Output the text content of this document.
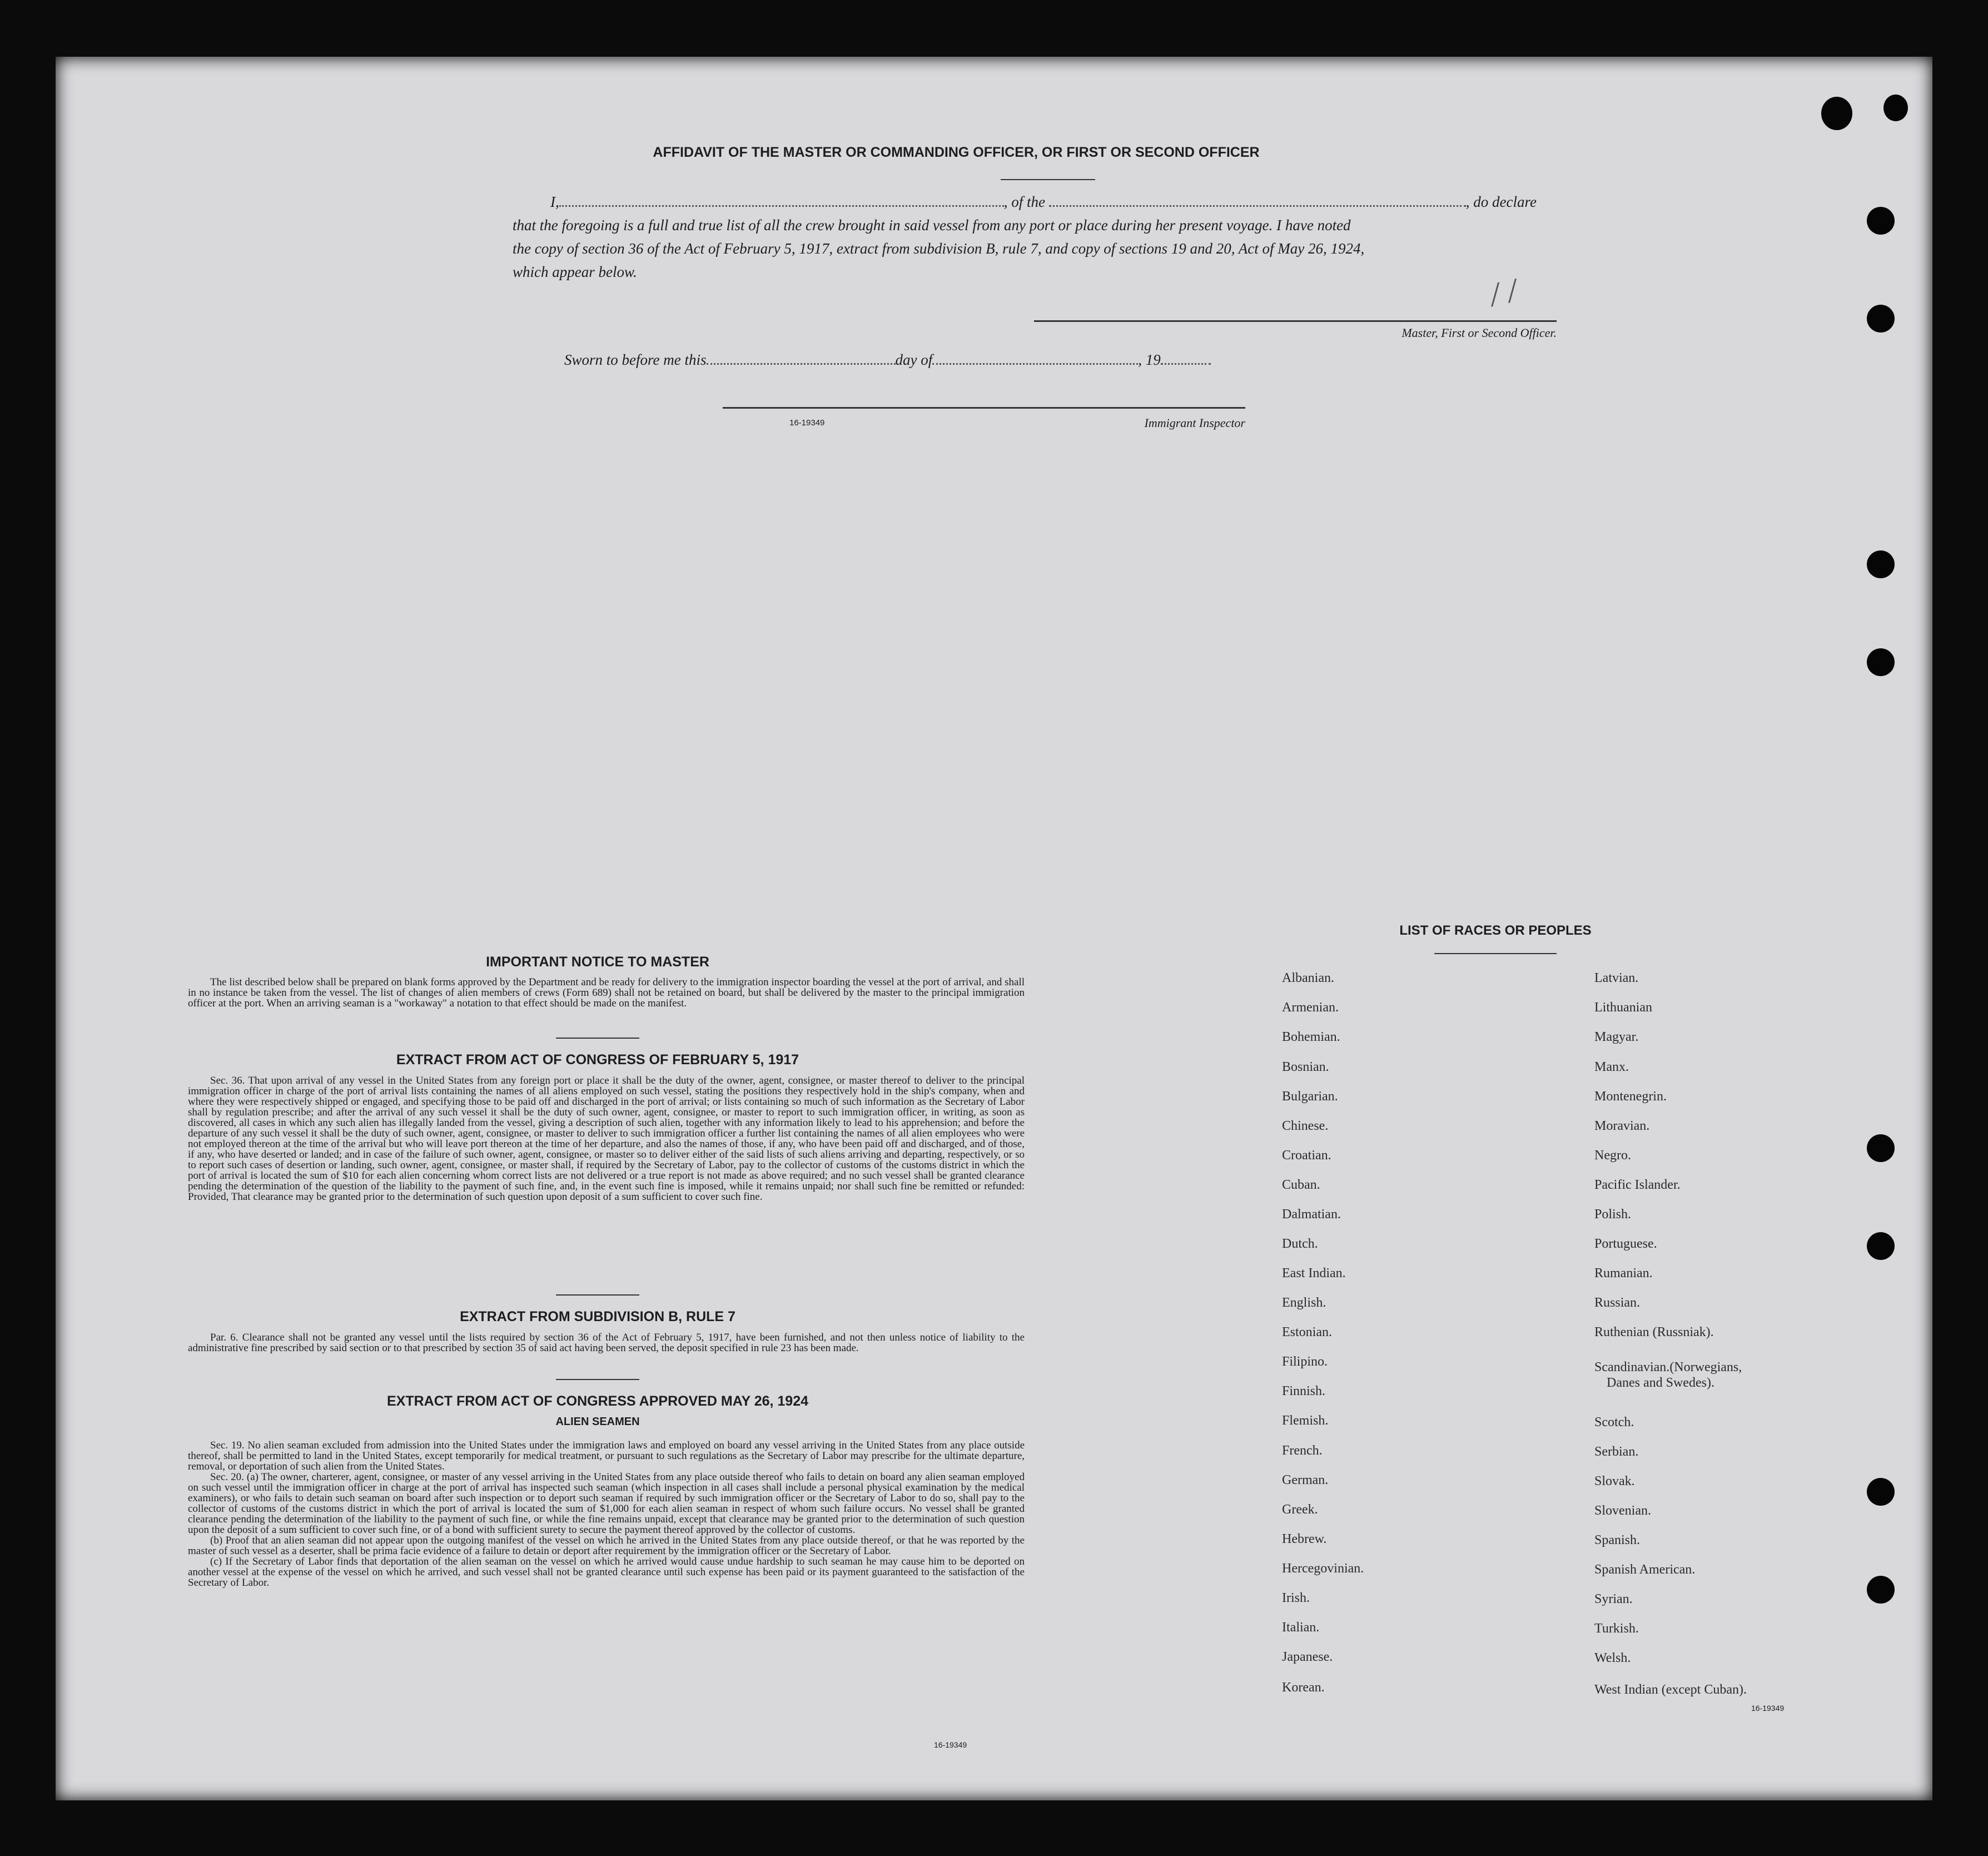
AFFIDAVIT OF THE MASTER OR COMMANDING OFFICER, OR FIRST OR SECOND OFFICER
I,	, of the	, do declare
that the foregoing is a full and true list of all the crew brought in said vessel from any port or place during her present voyage. I have noted
the copy of section 36 of the Act of February 5, 1917, extract from subdivision B, rule 7, and copy of sections 19 and 20, Act of May 26, 1924,
which appear below.	/ /
Master, First or Second Officer.
Sworn to before me this	day of	, 19
16-19349	Immigrant Inspector
IMPORTANT NOTICE TO MASTER
The list described below shall be prepared on blank forms approved by the Department and be ready for delivery to the immigration inspector boarding the vessel at the port of arrival, and shall in no instance be taken from the vessel. The list of changes of alien members of crews (Form 689) shall not be retained on board, but shall be delivered by the master to the principal immigration officer at the port. When an arriving seaman is a "workaway" a notation to that effect should be made on the manifest.
EXTRACT FROM ACT OF CONGRESS OF FEBRUARY 5, 1917
Sec. 36. That upon arrival of any vessel in the United States from any foreign port or place it shall be the duty of the owner, agent, consignee, or master thereof to deliver to the principal immigration officer in charge of the port of arrival lists containing the names of all aliens employed on such vessel, stating the positions they respectively hold in the ship's company, when and where they were respectively shipped or engaged, and specifying those to be paid off and discharged in the port of arrival; or lists containing so much of such information as the Secretary of Labor shall by regulation prescribe; and after the arrival of any such vessel it shall be the duty of such owner, agent, consignee, or master to report to such immigration officer, in writing, as soon as discovered, all cases in which any such alien has illegally landed from the vessel, giving a description of such alien, together with any information likely to lead to his apprehension; and before the departure of any such vessel it shall be the duty of such owner, agent, consignee, or master to deliver to such immigration officer a further list containing the names of all alien employees who were not employed thereon at the time of the arrival but who will leave port thereon at the time of her departure, and also the names of those, if any, who have been paid off and discharged, and of those, if any, who have deserted or landed; and in case of the failure of such owner, agent, consignee, or master so to deliver either of the said lists of such aliens arriving and departing, respectively, or so to report such cases of desertion or landing, such owner, agent, consignee, or master shall, if required by the Secretary of Labor, pay to the collector of customs of the customs district in which the port of arrival is located the sum of $10 for each alien concerning whom correct lists are not delivered or a true report is not made as above required; and no such vessel shall be granted clearance pending the determination of the question of the liability to the payment of such fine, and, in the event such fine is imposed, while it remains unpaid; nor shall such fine be remitted or refunded: Provided, That clearance may be granted prior to the determination of such question upon deposit of a sum sufficient to cover such fine.
EXTRACT FROM SUBDIVISION B, RULE 7
Par. 6. Clearance shall not be granted any vessel until the lists required by section 36 of the Act of February 5, 1917, have been furnished, and not then unless notice of liability to the administrative fine prescribed by said section or to that prescribed by section 35 of said act having been served, the deposit specified in rule 23 has been made.
EXTRACT FROM ACT OF CONGRESS APPROVED MAY 26, 1924
ALIEN SEAMEN
Sec. 19. No alien seaman excluded from admission into the United States under the immigration laws and employed on board any vessel arriving in the United States from any place outside thereof, shall be permitted to land in the United States, except temporarily for medical treatment, or pursuant to such regulations as the Secretary of Labor may prescribe for the ultimate departure, removal, or deportation of such alien from the United States.
Sec. 20. (a) The owner, charterer, agent, consignee, or master of any vessel arriving in the United States from any place outside thereof who fails to detain on board any alien seaman employed on such vessel until the immigration officer in charge at the port of arrival has inspected such seaman (which inspection in all cases shall include a personal physical examination by the medical examiners), or who fails to detain such seaman on board after such inspection or to deport such seaman if required by such immigration officer or the Secretary of Labor to do so, shall pay to the collector of customs of the customs district in which the port of arrival is located the sum of $1,000 for each alien seaman in respect of whom such failure occurs. No vessel shall be granted clearance pending the determination of the liability to the payment of such fine, or while the fine remains unpaid, except that clearance may be granted prior to the determination of such question upon the deposit of a sum sufficient to cover such fine, or of a bond with sufficient surety to secure the payment thereof approved by the collector of customs.
(b) Proof that an alien seaman did not appear upon the outgoing manifest of the vessel on which he arrived in the United States from any place outside thereof, or that he was reported by the master of such vessel as a deserter, shall be prima facie evidence of a failure to detain or deport after requirement by the immigration officer or the Secretary of Labor.
(c) If the Secretary of Labor finds that deportation of the alien seaman on the vessel on which he arrived would cause undue hardship to such seaman he may cause him to be deported on another vessel at the expense of the vessel on which he arrived, and such vessel shall not be granted clearance until such expense has been paid or its payment guaranteed to the satisfaction of the Secretary of Labor.
16-19349
LIST OF RACES OR PEOPLES
Albanian.
Armenian.
Bohemian.
Bosnian.
Bulgarian.
Chinese.
Croatian.
Cuban.
Dalmatian.
Dutch.
East Indian.
English.
Estonian.
Filipino.
Finnish.
Flemish.
French.
German.
Greek.
Hebrew.
Hercegovinian.
Irish.
Italian.
Japanese.
Korean.
Latvian.
Lithuanian
Magyar.
Manx.
Montenegrin.
Moravian.
Negro.
Pacific Islander.
Polish.
Portuguese.
Rumanian.
Russian.
Ruthenian (Russniak).
Scandinavian.(Norwegians,
Danes and Swedes).
Scotch.
Serbian.
Slovak.
Slovenian.
Spanish.
Spanish American.
Syrian.
Turkish.
Welsh.
West Indian (except Cuban).
16-19349
